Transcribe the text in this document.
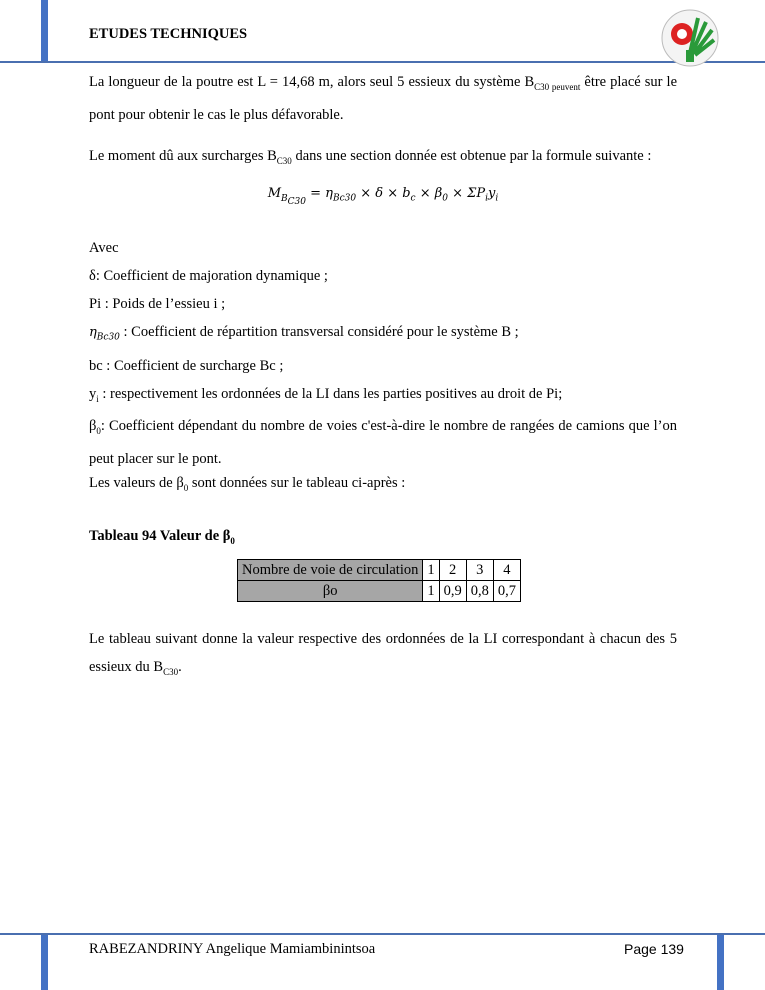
ETUDES TECHNIQUES
La longueur de la poutre est L = 14,68 m, alors seul 5 essieux du système $B_{C30 peuvent}$ être placé sur le pont pour obtenir le cas le plus défavorable.
Le moment dû aux surcharges $B_{C30}$ dans une section donnée est obtenue par la formule suivante :
$M_{B_{C30}} = \eta_{Bc30} \times \delta \times b_c \times \beta_0 \times \Sigma P_iy_i$
Avec
δ: Coefficient de majoration dynamique ;
Pi : Poids de l’essieu i ;
$\eta_{Bc30}$ : Coefficient de répartition transversal considéré pour le système B ;
bc : Coefficient de surcharge Bc ;
$y_i$ : respectivement les ordonnées de la LI dans les parties positives au droit de Pi;
$\beta_0$: Coefficient dépendant du nombre de voies c'est-à-dire le nombre de rangées de camions que l’on peut placer sur le pont.
Les valeurs de $\beta_0$ sont données sur le tableau ci-après :
Tableau 94 Valeur de $\beta_0$
Nombre de voie de circulation	1	2	3	4
βo	1	0,9	0,8	0,7
Le tableau suivant donne la valeur respective des ordonnées de la LI correspondant à chacun des 5 essieux du $B_{C30}$.
RABEZANDRINY Angelique Mamiambinintsoa	Page 139
